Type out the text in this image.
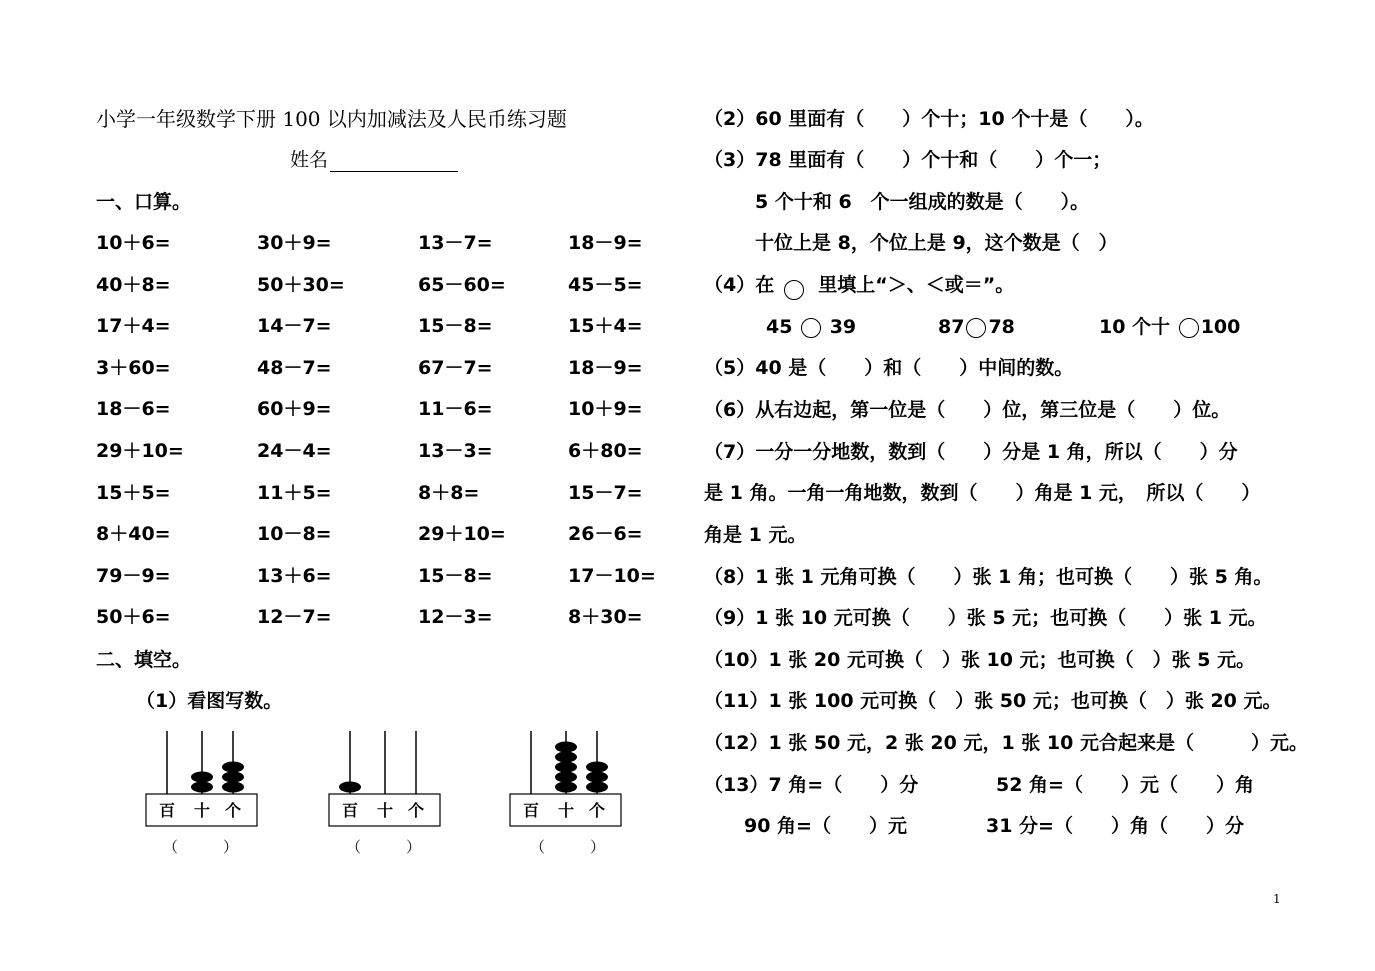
小学一年级数学下册 100 以内加减法及人民币练习题
姓名
一、口算。
10＋6=	30＋9=	13－7=	18－9=
40＋8=	50＋30=	65－60=	45－5=
17＋4=	14－7=	15－8=	15＋4=
3＋60=	48－7=	67－7=	18－9=
18－6=	60＋9=	11－6=	10＋9=
29＋10=	24－4=	13－3=	6＋80=
15＋5=	11＋5=	8＋8=	15－7=
8＋40=	10－8=	29＋10=	26－6=
79－9=	13＋6=	15－8=	17－10=
50＋6=	12－7=	12－3=	8＋30=
二、填空。
（1）看图写数。
百 十 个
（　　　）
百 十 个
（　　　）
百 十 个
（　　　）
（2）60 里面有（　　）个十；10 个十是（　　）。
（3）78 里面有（　　）个十和（　　）个一；
5 个十和 6　个一组成的数是（　　）。
十位上是 8，个位上是 9，这个数是（　）
（4）在 里填上“＞、＜或＝”。
45 39	87 78	10 个十 100
（5）40 是（　　）和（　　）中间的数。
（6）从右边起，第一位是（　　）位，第三位是（　　）位。
（7）一分一分地数，数到（　　）分是 1 角，所以（　　）分
是 1 角。一角一角地数，数到（　　）角是 1 元，　所以（　　）
角是 1 元。
（8）1 张 1 元角可换（　　）张 1 角；也可换（　　）张 5 角。
（9）1 张 10 元可换（　　）张 5 元；也可换（　　）张 1 元。
（10）1 张 20 元可换（　）张 10 元；也可换（　）张 5 元。
（11）1 张 100 元可换（　）张 50 元；也可换（　）张 20 元。
（12）1 张 50 元，2 张 20 元，1 张 10 元合起来是（　　　）元。
（13）7 角=（　　）分	52 角=（　　）元（　　）角
90 角=（　　）元	31 分=（　　）角（　　）分
1
